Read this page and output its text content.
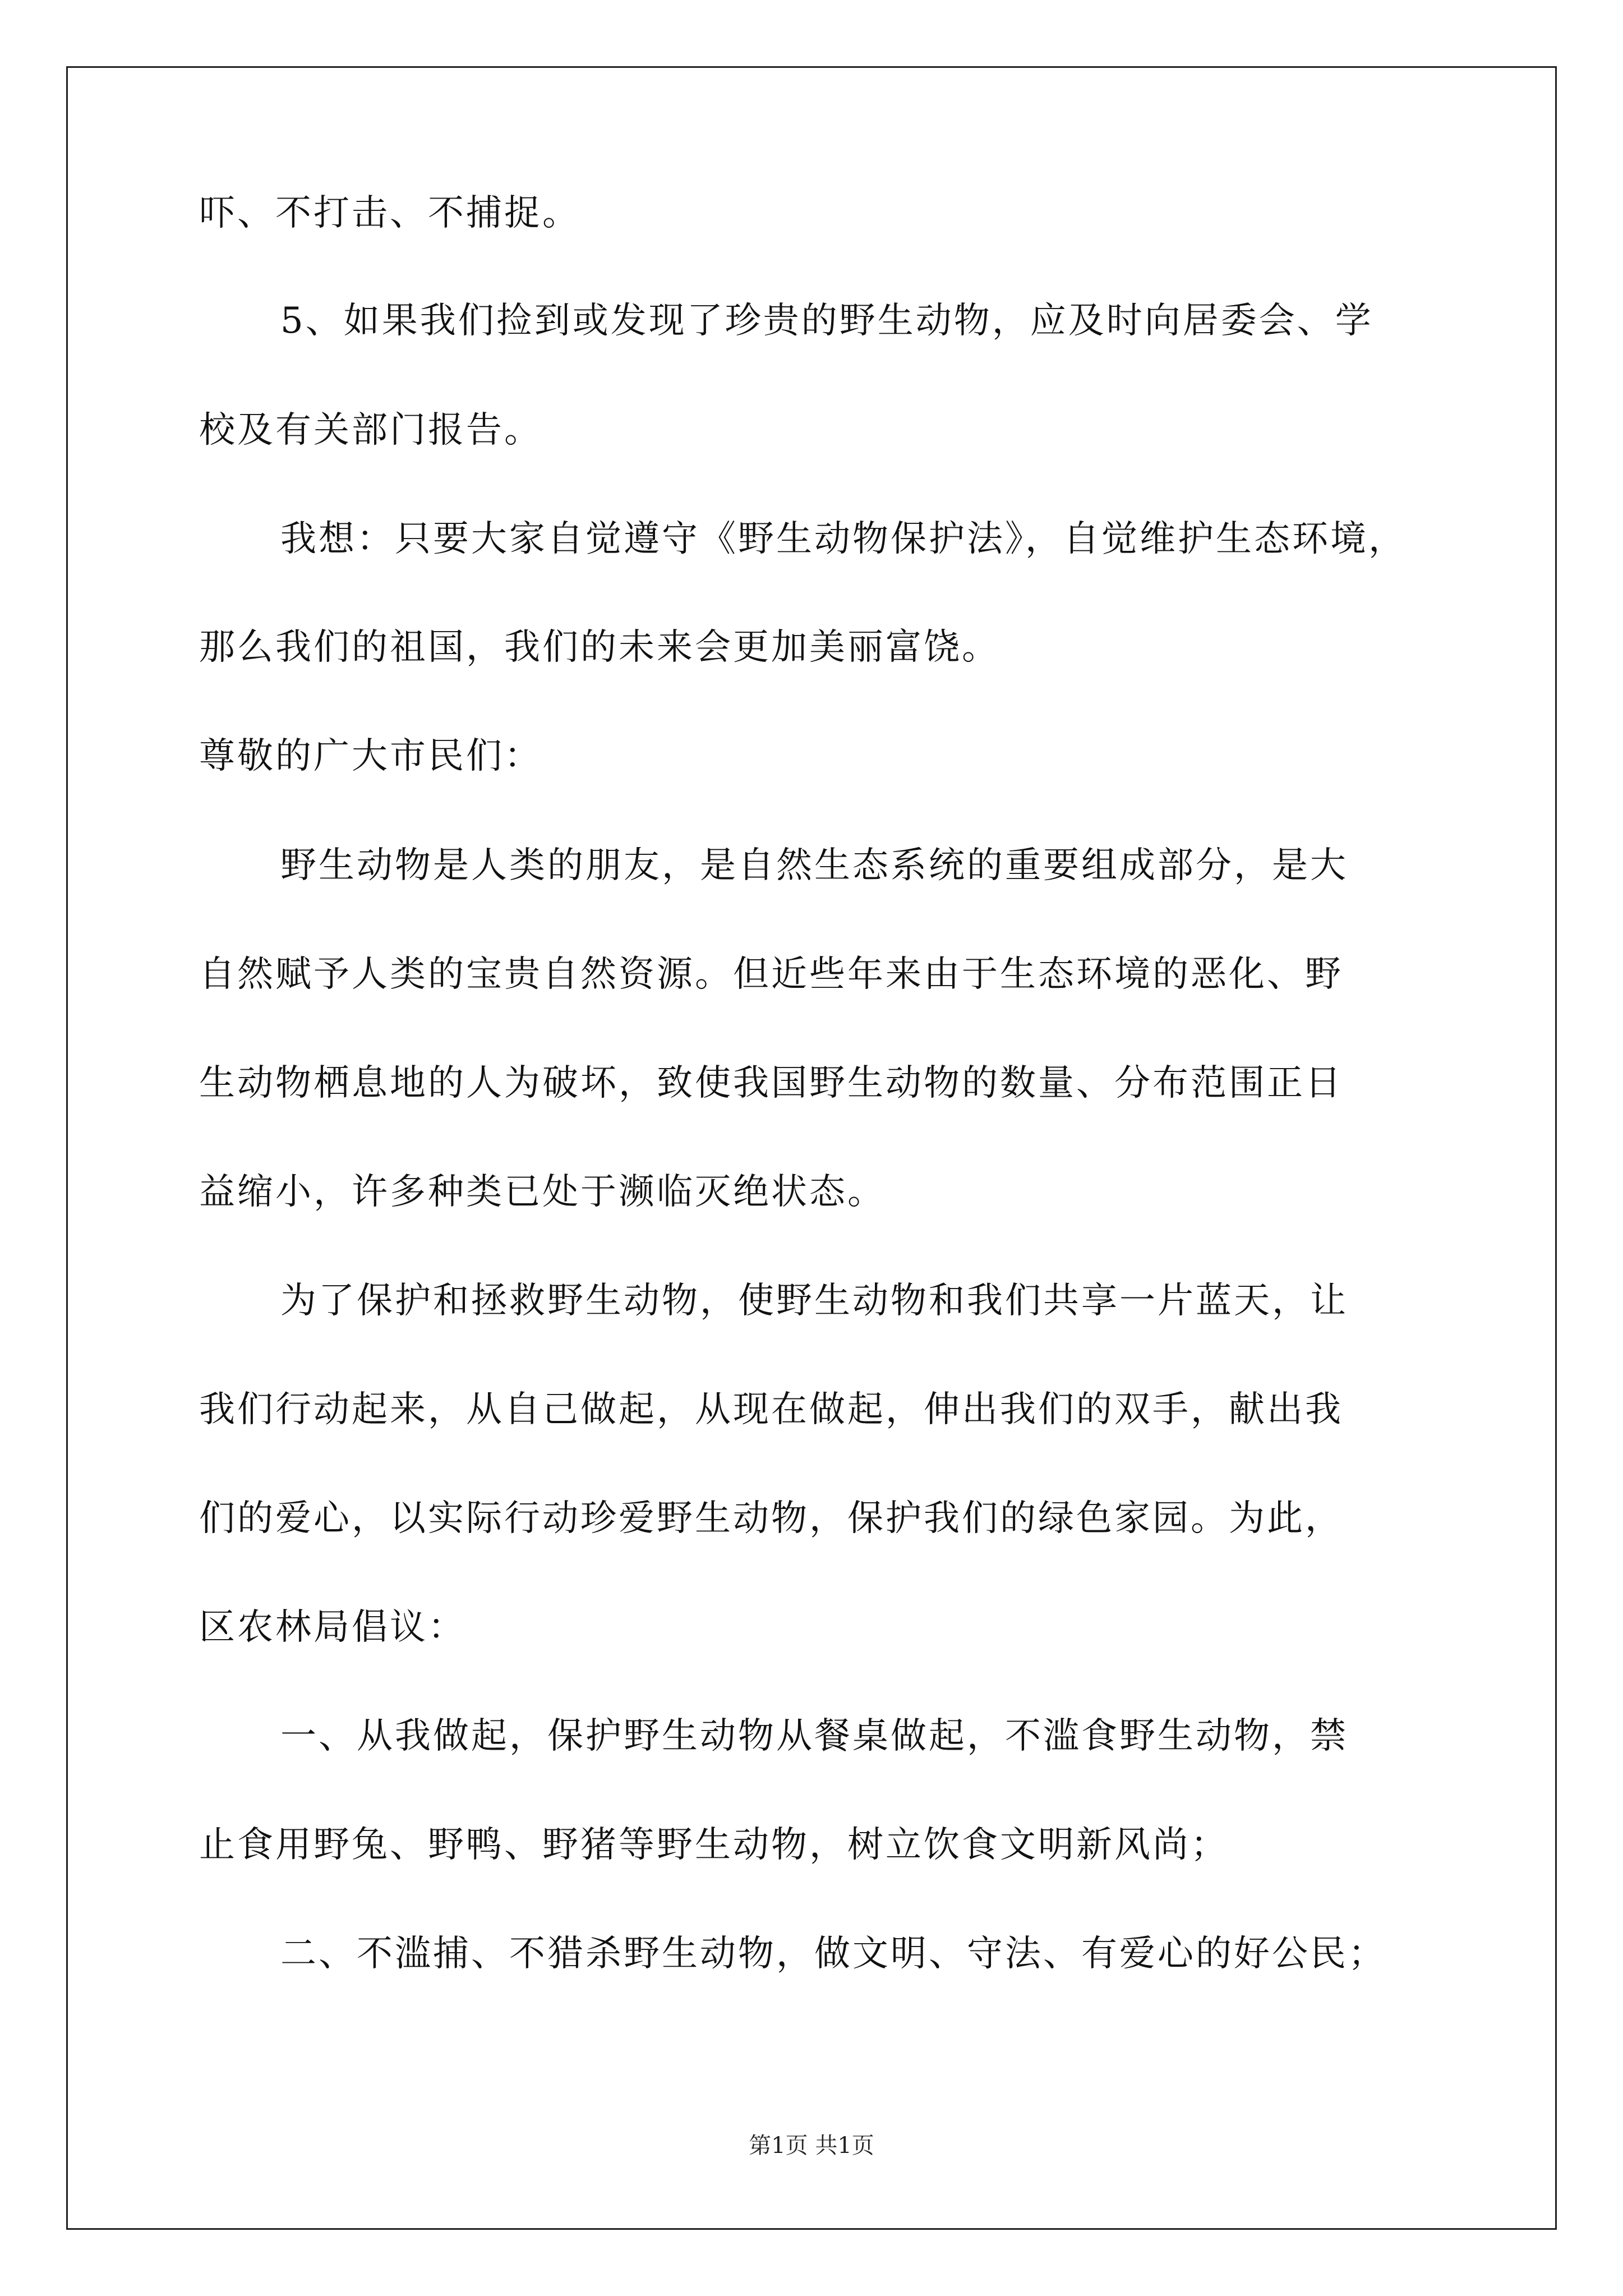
吓、不打击、不捕捉。
5、如果我们捡到或发现了珍贵的野生动物，应及时向居委会、学
校及有关部门报告。
我想：只要大家自觉遵守《野生动物保护法》，自觉维护生态环境，
那么我们的祖国，我们的未来会更加美丽富饶。
尊敬的广大市民们：
野生动物是人类的朋友，是自然生态系统的重要组成部分，是大
自然赋予人类的宝贵自然资源。但近些年来由于生态环境的恶化、野
生动物栖息地的人为破坏，致使我国野生动物的数量、分布范围正日
益缩小，许多种类已处于濒临灭绝状态。
为了保护和拯救野生动物，使野生动物和我们共享一片蓝天，让
我们行动起来，从自己做起，从现在做起，伸出我们的双手，献出我
们的爱心，以实际行动珍爱野生动物，保护我们的绿色家园。为此，
区农林局倡议：
一、从我做起，保护野生动物从餐桌做起，不滥食野生动物，禁
止食用野兔、野鸭、野猪等野生动物，树立饮食文明新风尚；
二、不滥捕、不猎杀野生动物，做文明、守法、有爱心的好公民；
第1页 共1页
